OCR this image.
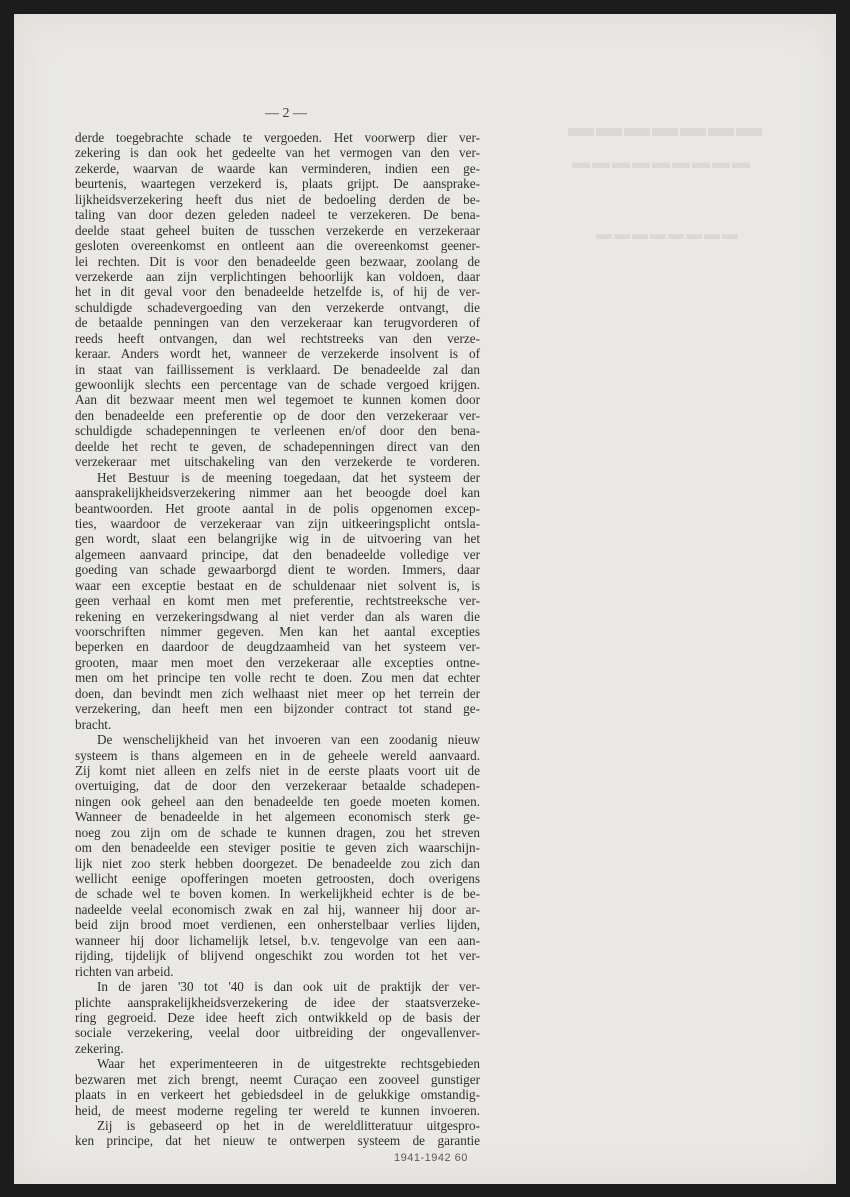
▬▬▬▬▬▬▬
▬▬▬▬▬▬▬▬▬
▬▬▬▬▬▬▬▬
— 2 —
derde toegebrachte schade te vergoeden. Het voorwerp dier ver-
zekering is dan ook het gedeelte van het vermogen van den ver-
zekerde, waarvan de waarde kan verminderen, indien een ge-
beurtenis, waartegen verzekerd is, plaats grijpt. De aansprake-
lijkheidsverzekering heeft dus niet de bedoeling derden de be-
taling van door dezen geleden nadeel te verzekeren. De bena-
deelde staat geheel buiten de tusschen verzekerde en verzekeraar
gesloten overeenkomst en ontleent aan die overeenkomst geener-
lei rechten. Dit is voor den benadeelde geen bezwaar, zoolang de
verzekerde aan zijn verplichtingen behoorlijk kan voldoen, daar
het in dit geval voor den benadeelde hetzelfde is, of hij de ver-
schuldigde schadevergoeding van den verzekerde ontvangt, die
de betaalde penningen van den verzekeraar kan terugvorderen of
reeds heeft ontvangen, dan wel rechtstreeks van den verze-
keraar. Anders wordt het, wanneer de verzekerde insolvent is of
in staat van faillissement is verklaard. De benadeelde zal dan
gewoonlijk slechts een percentage van de schade vergoed krijgen.
Aan dit bezwaar meent men wel tegemoet te kunnen komen door
den benadeelde een preferentie op de door den verzekeraar ver-
schuldigde schadepenningen te verleenen en/of door den bena-
deelde het recht te geven, de schadepenningen direct van den
verzekeraar met uitschakeling van den verzekerde te vorderen.
Het Bestuur is de meening toegedaan, dat het systeem der
aansprakelijkheidsverzekering nimmer aan het beoogde doel kan
beantwoorden. Het groote aantal in de polis opgenomen excep-
ties, waardoor de verzekeraar van zijn uitkeeringsplicht ontsla-
gen wordt, slaat een belangrijke wig in de uitvoering van het
algemeen aanvaard principe, dat den benadeelde volledige ver
goeding van schade gewaarborgd dient te worden. Immers, daar
waar een exceptie bestaat en de schuldenaar niet solvent is, is
geen verhaal en komt men met preferentie, rechtstreeksche ver-
rekening en verzekeringsdwang al niet verder dan als waren die
voorschriften nimmer gegeven. Men kan het aantal excepties
beperken en daardoor de deugdzaamheid van het systeem ver-
grooten, maar men moet den verzekeraar alle excepties ontne-
men om het principe ten volle recht te doen. Zou men dat echter
doen, dan bevindt men zich welhaast niet meer op het terrein der
verzekering, dan heeft men een bijzonder contract tot stand ge-
bracht.
De wenschelijkheid van het invoeren van een zoodanig nieuw
systeem is thans algemeen en in de geheele wereld aanvaard.
Zij komt niet alleen en zelfs niet in de eerste plaats voort uit de
overtuiging, dat de door den verzekeraar betaalde schadepen-
ningen ook geheel aan den benadeelde ten goede moeten komen.
Wanneer de benadeelde in het algemeen economisch sterk ge-
noeg zou zijn om de schade te kunnen dragen, zou het streven
om den benadeelde een steviger positie te geven zich waarschijn-
lijk niet zoo sterk hebben doorgezet. De benadeelde zou zich dan
wellicht eenige opofferingen moeten getroosten, doch overigens
de schade wel te boven komen. In werkelijkheid echter is de be-
nadeelde veelal economisch zwak en zal hij, wanneer hij door ar-
beid zijn brood moet verdienen, een onherstelbaar verlies lijden,
wanneer hij door lichamelijk letsel, b.v. tengevolge van een aan-
rijding, tijdelijk of blijvend ongeschikt zou worden tot het ver-
richten van arbeid.
In de jaren '30 tot '40 is dan ook uit de praktijk der ver-
plichte aansprakelijkheidsverzekering de idee der staatsverzeke-
ring gegroeid. Deze idee heeft zich ontwikkeld op de basis der
sociale verzekering, veelal door uitbreiding der ongevallenver-
zekering.
Waar het experimenteeren in de uitgestrekte rechtsgebieden
bezwaren met zich brengt, neemt Curaçao een zooveel gunstiger
plaats in en verkeert het gebiedsdeel in de gelukkige omstandig-
heid, de meest moderne regeling ter wereld te kunnen invoeren.
Zij is gebaseerd op het in de wereldlitteratuur uitgespro-
ken principe, dat het nieuw te ontwerpen systeem de garantie
1941-1942 60
